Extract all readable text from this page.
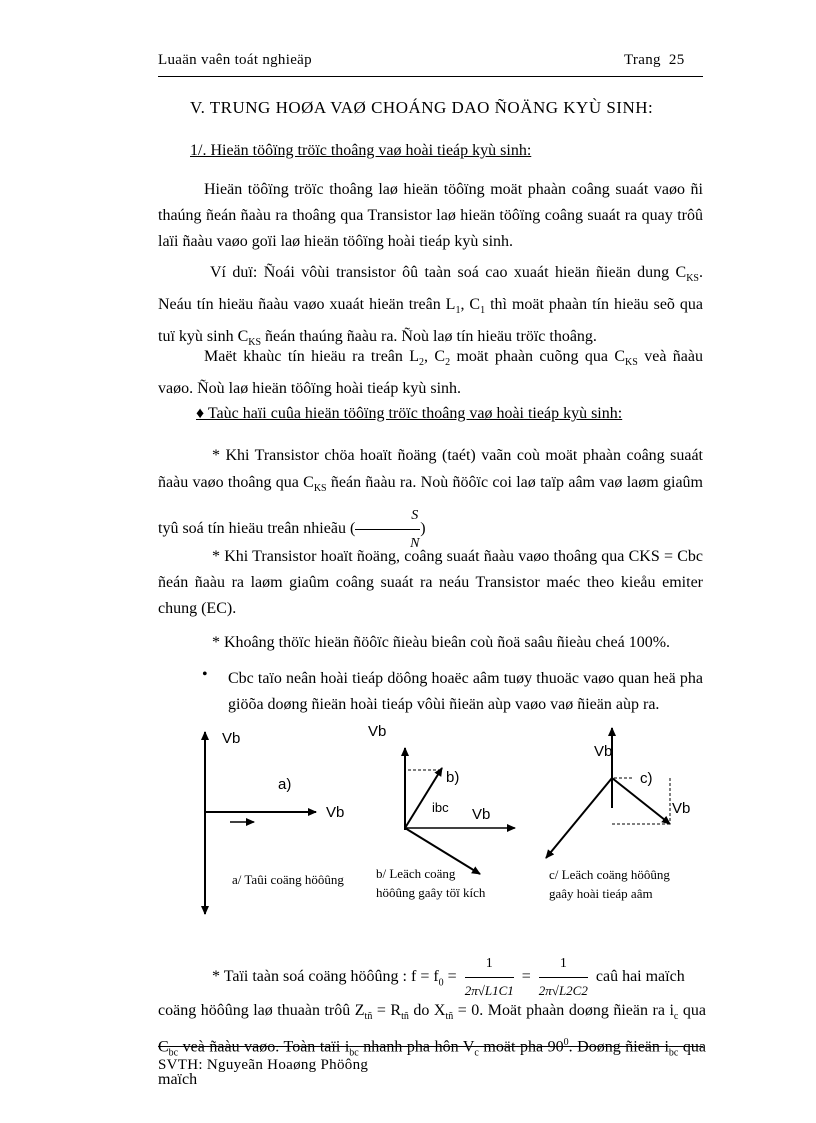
Luaän vaên toát nghieäp	Trang 25
V. TRUNG HOØA VAØ CHOÁNG DAO ÑOÄNG KYÙ SINH:
1/. Hieän töôïng tröïc thoâng vaø hoài tieáp kyù sinh:
Hieän töôïng tröïc thoâng laø hieän töôïng moät phaàn coâng suaát vaøo ñi thaúng ñeán ñaàu ra thoâng qua Transistor laø hieän töôïng coâng suaát ra quay trôû laïi ñaàu vaøo goïi laø hieän töôïng hoài tieáp kyù sinh.
Ví duï: Ñoái vôùi transistor ôû taàn soá cao xuaát hieän ñieän dung $C_{KS}$. Neáu tín hieäu ñaàu vaøo xuaát hieän treân $L_1$, $C_1$ thì moät phaàn tín hieäu seõ qua tuï kyù $\sinh C_{KS}$ ñeán thaúng ñaàu ra. Ñoù laø tín hieäu tröïc thoâng.
Maët khaùc tín hieäu ra treân $L_2$, $C_2$ moät phaàn cuõng qua $C_{KS}$ veà ñaàu vaøo. Ñoù laø hieän töôïng hoài tieáp kyù sinh.
♦ Taùc haïi cuûa hieän töôïng tröïc thoâng vaø hoài tieáp kyù sinh:
* Khi Transistor chöa hoaït ñoäng (taét) vaãn coù moät phaàn coâng suaát ñaàu vaøo thoâng qua $C_{KS}$ ñeán ñaàu ra. Noù ñöôïc coi laø taïp aâm vaø laøm giaûm tyû soá tín hieäu treân nhieãu ( $\frac{S}{N}$ )
* Khi Transistor hoaït ñoäng, coâng suaát ñaàu vaøo thoâng qua CKS = Cbc ñeán ñaàu ra laøm giaûm coâng suaát ra neáu Transistor maéc theo kieåu emiter chung (EC).
* Khoâng thöïc hieän ñöôïc ñieàu bieân coù ñoä saâu ñieàu cheá 100%.
• Cbc taïo neân hoài tieáp döông hoaëc aâm tuøy thuoäc vaøo quan heä pha giöõa doøng ñieän hoài tieáp vôùi ñieän aùp vaøo vaø ñieän aùp ra.
Vb
a)
Vb
a/ Taûi coäng höôûng
Vb
b)
ibc Vb
b/ Leäch coäng
höôûng gaây töï kích
Vb
c)
Vb
c/ Leäch coäng höôûng
gaây hoài tieáp aâm
* Taïi taàn soá coäng höôûng : $f = f_0 = \frac{1}{2\pi√L1C1} = \frac{1}{2\pi√L2C2}$ caû hai maïch
coäng höôûng laø thuaàn trôû $Z_{tñ} = R_{tñ}$ do $X_{tñ} = 0$. Moät phaàn doøng ñieän ra $i_c$ qua $C_{bc}$ veà ñaàu vaøo. Toàn taïi $i_{bc}$ nhanh pha hôn $V_c$ moät pha $90^0$. Doøng ñieän $i_{bc}$ qua maïch
SVTH: Nguyeãn Hoaøng Phöông
